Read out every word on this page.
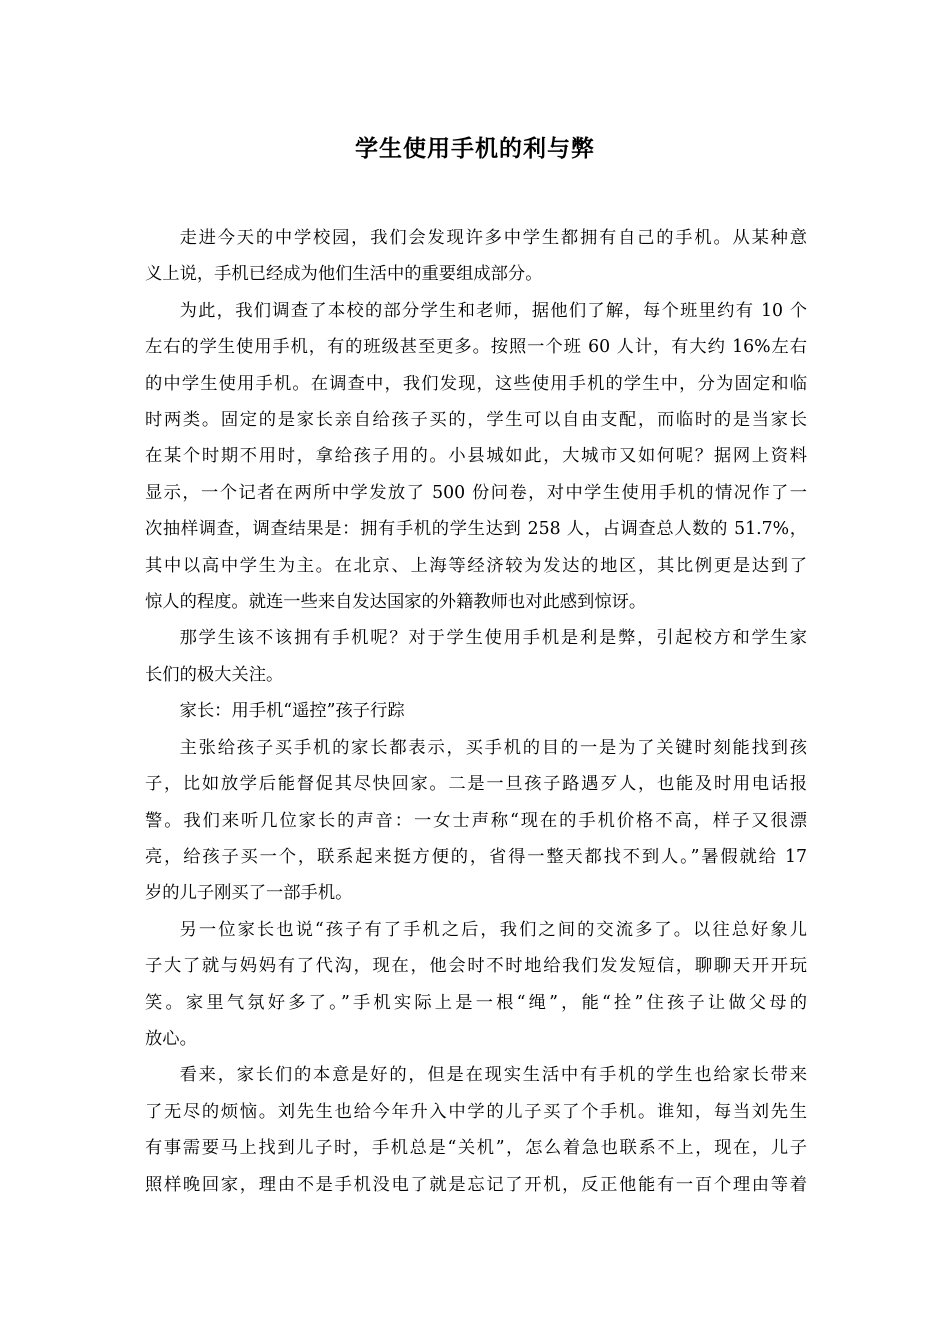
学生使用手机的利与弊

走进今天的中学校园，我们会发现许多中学生都拥有自己的手机。从某种意
义上说，手机已经成为他们生活中的重要组成部分。

为此，我们调查了本校的部分学生和老师，据他们了解，每个班里约有 10 个
左右的学生使用手机，有的班级甚至更多。按照一个班 60 人计，有大约 16%左右
的中学生使用手机。在调查中，我们发现，这些使用手机的学生中，分为固定和临
时两类。固定的是家长亲自给孩子买的，学生可以自由支配，而临时的是当家长
在某个时期不用时，拿给孩子用的。小县城如此，大城市又如何呢？据网上资料
显示，一个记者在两所中学发放了 500 份问卷，对中学生使用手机的情况作了一
次抽样调查，调查结果是：拥有手机的学生达到 258 人，占调查总人数的 51.7%，
其中以高中学生为主。在北京、上海等经济较为发达的地区，其比例更是达到了
惊人的程度。就连一些来自发达国家的外籍教师也对此感到惊讶。

那学生该不该拥有手机呢？对于学生使用手机是利是弊，引起校方和学生家
长们的极大关注。

家长：用手机“遥控”孩子行踪

主张给孩子买手机的家长都表示，买手机的目的一是为了关键时刻能找到孩
子，比如放学后能督促其尽快回家。二是一旦孩子路遇歹人，也能及时用电话报
警。我们来听几位家长的声音：一女士声称“现在的手机价格不高，样子又很漂
亮，给孩子买一个，联系起来挺方便的，省得一整天都找不到人。”暑假就给 17
岁的儿子刚买了一部手机。

另一位家长也说“孩子有了手机之后，我们之间的交流多了。以往总好象儿
子大了就与妈妈有了代沟，现在，他会时不时地给我们发发短信，聊聊天开开玩
笑。家里气氛好多了。”手机实际上是一根“绳”，能“拴”住孩子让做父母的
放心。

看来，家长们的本意是好的，但是在现实生活中有手机的学生也给家长带来
了无尽的烦恼。刘先生也给今年升入中学的儿子买了个手机。谁知，每当刘先生
有事需要马上找到儿子时，手机总是“关机”，怎么着急也联系不上，现在，儿子
照样晚回家，理由不是手机没电了就是忘记了开机，反正他能有一百个理由等着
